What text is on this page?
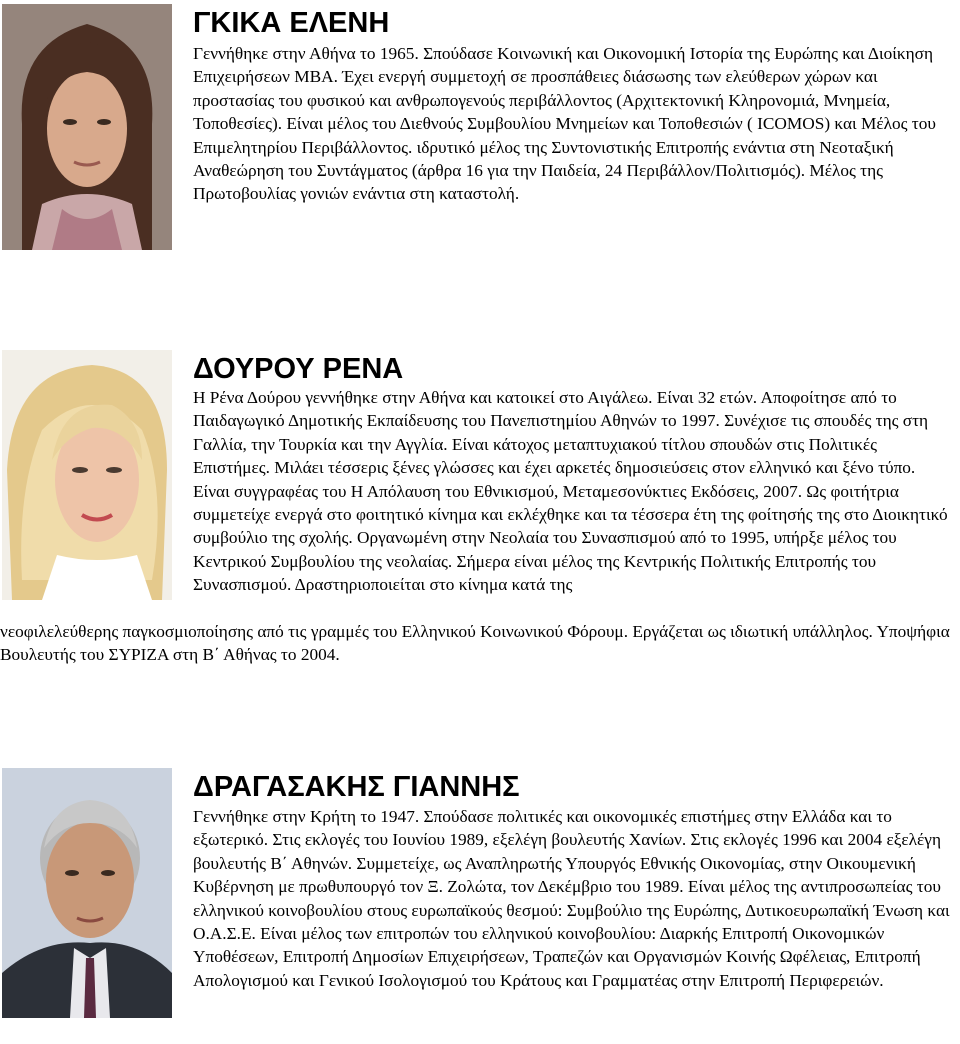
ΓΚΙΚΑ ΕΛΕΝΗ

Γεννήθηκε στην Αθήνα το 1965. Σπούδασε Κοινωνική και Οικονομική Ιστορία της Ευρώπης και Διοίκηση Επιχειρήσεων ΜΒΑ. Έχει ενεργή συμμετοχή σε προσπάθειες διάσωσης των ελεύθερων χώρων και προστασίας του φυσικού και ανθρωπογενούς περιβάλλοντος (Αρχιτεκτονική Κληρονομιά, Μνημεία, Τοποθεσίες). Είναι μέλος του Διεθνούς Συμβουλίου Μνημείων και Τοποθεσιών ( ICOMOS) και Μέλος του Επιμελητηρίου Περιβάλλοντος. ιδρυτικό μέλος της Συντονιστικής Επιτροπής ενάντια στη Νεοταξική Αναθεώρηση του Συντάγματος (άρθρα 16 για την Παιδεία, 24 Περιβάλλον/Πολιτισμός). Μέλος της Πρωτοβουλίας γονιών ενάντια στη καταστολή.

ΔΟΥΡΟΥ ΡΕΝΑ

Η Ρένα Δούρου γεννήθηκε στην Αθήνα και κατοικεί στο Αιγάλεω. Είναι 32 ετών. Αποφοίτησε από το Παιδαγωγικό Δημοτικής Εκπαίδευσης του Πανεπιστημίου Αθηνών το 1997. Συνέχισε τις σπουδές της στη Γαλλία, την Τουρκία και την Αγγλία. Είναι κάτοχος μεταπτυχιακού τίτλου σπουδών στις Πολιτικές Επιστήμες. Μιλάει τέσσερις ξένες γλώσσες και έχει αρκετές δημοσιεύσεις στον ελληνικό και ξένο τύπο. Είναι συγγραφέας του Η Απόλαυση του Εθνικισμού, Μεταμεσονύκτιες Εκδόσεις, 2007. Ως φοιτήτρια συμμετείχε ενεργά στο φοιτητικό κίνημα και εκλέχθηκε και τα τέσσερα έτη της φοίτησής της στο Διοικητικό συμβούλιο της σχολής. Οργανωμένη στην Νεολαία του Συνασπισμού από το 1995, υπήρξε μέλος του Κεντρικού Συμβουλίου της νεολαίας. Σήμερα είναι μέλος της Κεντρικής Πολιτικής Επιτροπής του Συνασπισμού. Δραστηριοποιείται στο κίνημα κατά της

νεοφιλελεύθερης παγκοσμιοποίησης από τις γραμμές του Ελληνικού Κοινωνικού Φόρουμ. Εργάζεται ως ιδιωτική υπάλληλος. Υποψήφια Βουλευτής του ΣΥΡΙΖΑ στη Β΄ Αθήνας το 2004.

ΔΡΑΓΑΣΑΚΗΣ ΓΙΑΝΝΗΣ

Γεννήθηκε στην Κρήτη το 1947. Σπούδασε πολιτικές και οικονομικές επιστήμες στην Ελλάδα και το εξωτερικό. Στις εκλογές του Ιουνίου 1989, εξελέγη βουλευτής Χανίων. Στις εκλογές 1996 και 2004 εξελέγη βουλευτής Β΄ Αθηνών. Συμμετείχε, ως Αναπληρωτής Υπουργός Εθνικής Οικονομίας, στην Οικουμενική Κυβέρνηση με πρωθυπουργό τον Ξ. Ζολώτα, τον Δεκέμβριο του 1989. Είναι μέλος της αντιπροσωπείας του ελληνικού κοινοβουλίου στους ευρωπαϊκούς θεσμού: Συμβούλιο της Ευρώπης, Δυτικοευρωπαϊκή Ένωση και Ο.Α.Σ.Ε. Είναι μέλος των επιτροπών του ελληνικού κοινοβουλίου: Διαρκής Επιτροπή Οικονομικών Υποθέσεων, Επιτροπή Δημοσίων Επιχειρήσεων, Τραπεζών και Οργανισμών Κοινής Ωφέλειας, Επιτροπή Απολογισμού και Γενικού Ισολογισμού του Κράτους και Γραμματέας στην Επιτροπή Περιφερειών.
